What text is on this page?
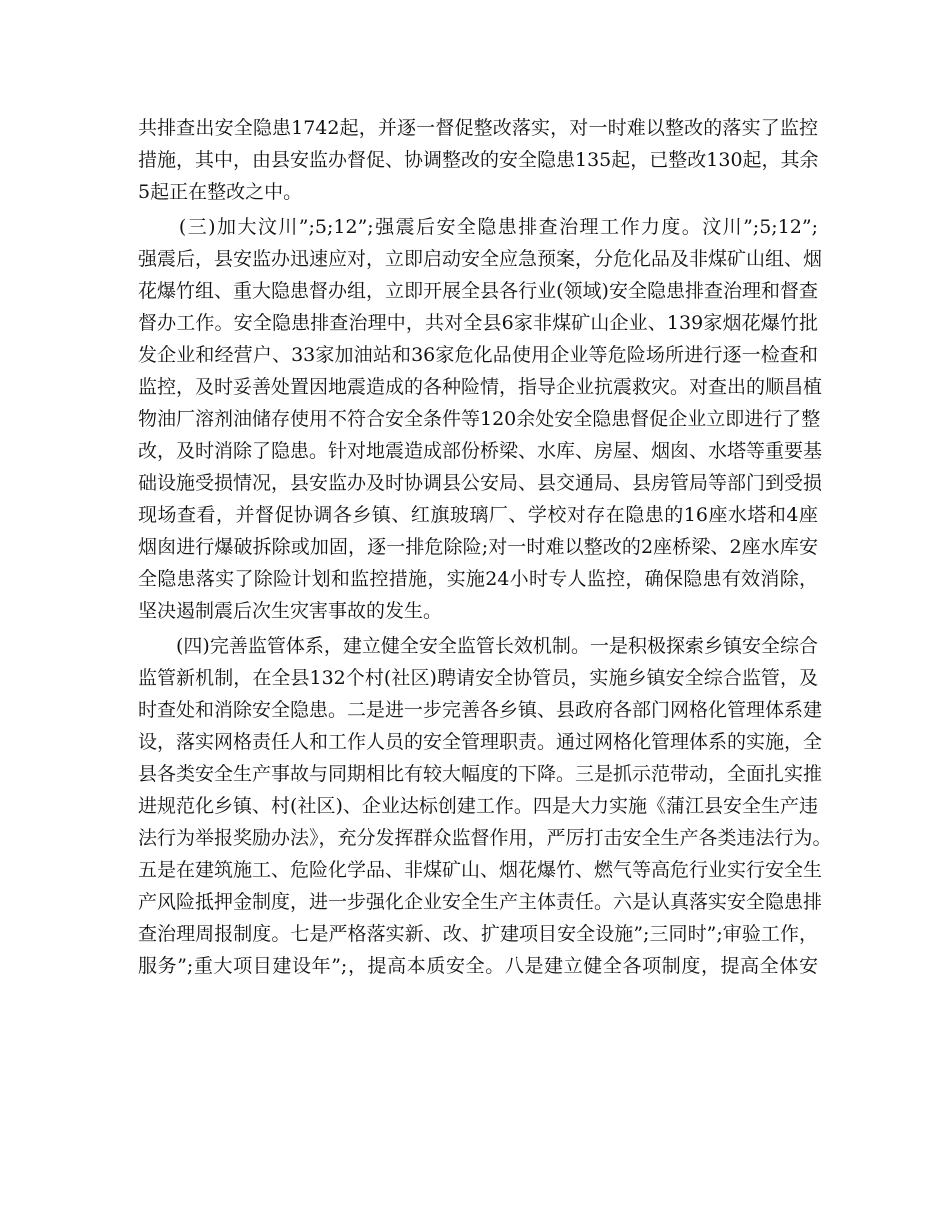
共排查出安全隐患1742起，并逐一督促整改落实，对一时难以整改的落实了监控

措施，其中，由县安监办督促、协调整改的安全隐患135起，已整改130起，其余

5起正在整改之中。

　　(三)加大汶川”;5;12”;强震后安全隐患排查治理工作力度。汶川”;5;12”;

强震后，县安监办迅速应对，立即启动安全应急预案，分危化品及非煤矿山组、烟

花爆竹组、重大隐患督办组，立即开展全县各行业(领域)安全隐患排查治理和督查

督办工作。安全隐患排查治理中，共对全县6家非煤矿山企业、139家烟花爆竹批

发企业和经营户、33家加油站和36家危化品使用企业等危险场所进行逐一检查和

监控，及时妥善处置因地震造成的各种险情，指导企业抗震救灾。对查出的顺昌植

物油厂溶剂油储存使用不符合安全条件等120余处安全隐患督促企业立即进行了整

改，及时消除了隐患。针对地震造成部份桥梁、水库、房屋、烟囱、水塔等重要基

础设施受损情况，县安监办及时协调县公安局、县交通局、县房管局等部门到受损

现场查看，并督促协调各乡镇、红旗玻璃厂、学校对存在隐患的16座水塔和4座

烟囱进行爆破拆除或加固，逐一排危除险;对一时难以整改的2座桥梁、2座水库安

全隐患落实了除险计划和监控措施，实施24小时专人监控，确保隐患有效消除，

坚决遏制震后次生灾害事故的发生。

　　(四)完善监管体系，建立健全安全监管长效机制。一是积极探索乡镇安全综合

监管新机制，在全县132个村(社区)聘请安全协管员，实施乡镇安全综合监管，及

时查处和消除安全隐患。二是进一步完善各乡镇、县政府各部门网格化管理体系建

设，落实网格责任人和工作人员的安全管理职责。通过网格化管理体系的实施，全

县各类安全生产事故与同期相比有较大幅度的下降。三是抓示范带动，全面扎实推

进规范化乡镇、村(社区)、企业达标创建工作。四是大力实施《蒲江县安全生产违

法行为举报奖励办法》，充分发挥群众监督作用，严厉打击安全生产各类违法行为。

五是在建筑施工、危险化学品、非煤矿山、烟花爆竹、燃气等高危行业实行安全生

产风险抵押金制度，进一步强化企业安全生产主体责任。六是认真落实安全隐患排

查治理周报制度。七是严格落实新、改、扩建项目安全设施”;三同时”;审验工作，

服务”;重大项目建设年”;，提高本质安全。八是建立健全各项制度，提高全体安
